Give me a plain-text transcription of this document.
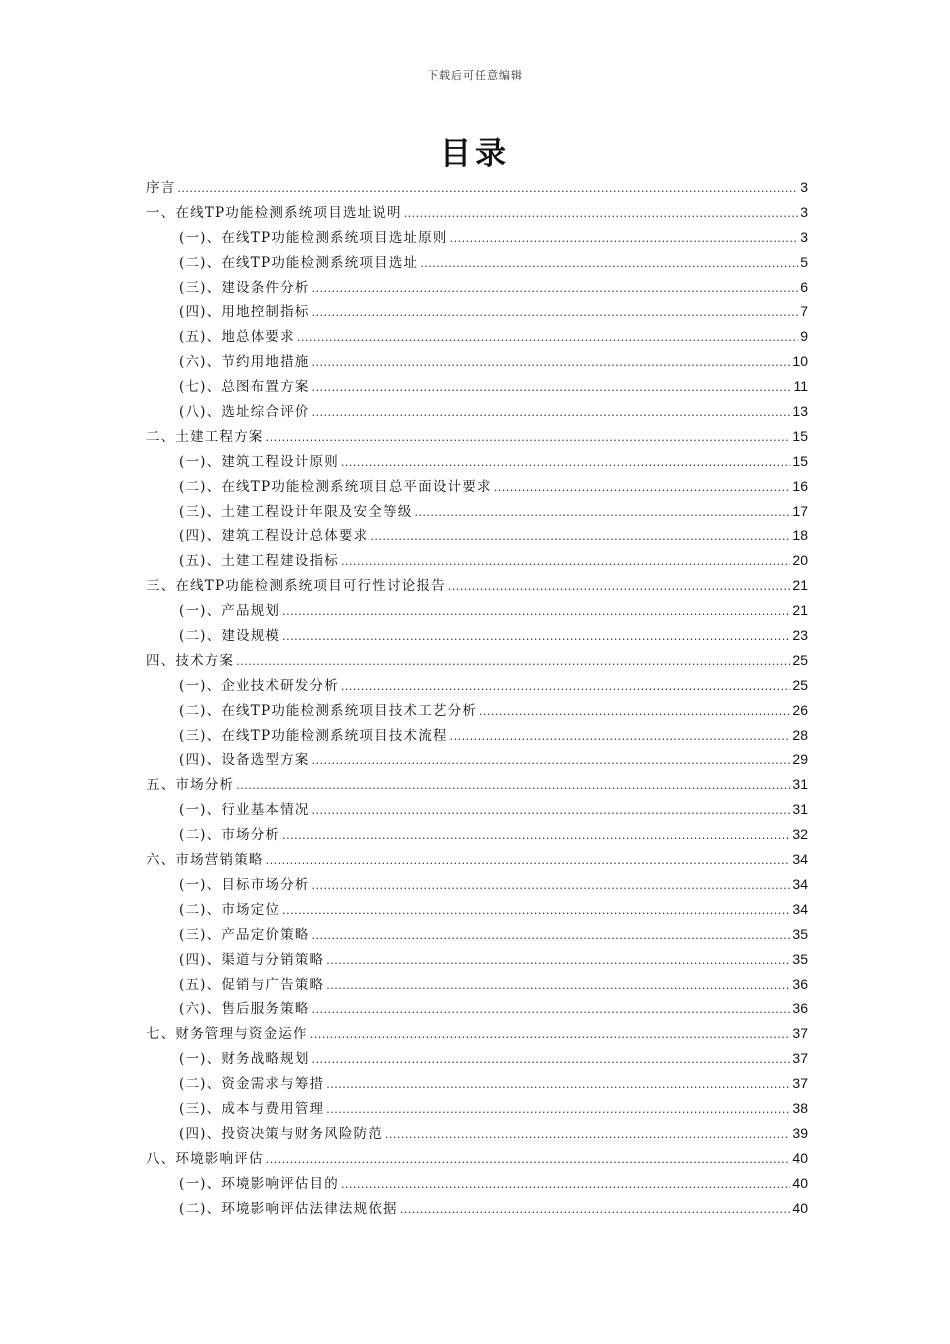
下载后可任意编辑
目录
序言 .....	3
一、在线TP功能检测系统项目选址说明 .....	3
(一)、在线TP功能检测系统项目选址原则 .....	3
(二)、在线TP功能检测系统项目选址 .....	5
(三)、建设条件分析 .....	6
(四)、用地控制指标 .....	7
(五)、地总体要求 .....	9
(六)、节约用地措施 .....	10
(七)、总图布置方案 .....	11
(八)、选址综合评价 .....	13
二、土建工程方案 .....	15
(一)、建筑工程设计原则 .....	15
(二)、在线TP功能检测系统项目总平面设计要求 .....	16
(三)、土建工程设计年限及安全等级 .....	17
(四)、建筑工程设计总体要求 .....	18
(五)、土建工程建设指标 .....	20
三、在线TP功能检测系统项目可行性讨论报告 .....	21
(一)、产品规划 .....	21
(二)、建设规模 .....	23
四、技术方案 .....	25
(一)、企业技术研发分析 .....	25
(二)、在线TP功能检测系统项目技术工艺分析 .....	26
(三)、在线TP功能检测系统项目技术流程 .....	28
(四)、设备选型方案 .....	29
五、市场分析 .....	31
(一)、行业基本情况 .....	31
(二)、市场分析 .....	32
六、市场营销策略 .....	34
(一)、目标市场分析 .....	34
(二)、市场定位 .....	34
(三)、产品定价策略 .....	35
(四)、渠道与分销策略 .....	35
(五)、促销与广告策略 .....	36
(六)、售后服务策略 .....	36
七、财务管理与资金运作 .....	37
(一)、财务战略规划 .....	37
(二)、资金需求与筹措 .....	37
(三)、成本与费用管理 .....	38
(四)、投资决策与财务风险防范 .....	39
八、环境影响评估 .....	40
(一)、环境影响评估目的 .....	40
(二)、环境影响评估法律法规依据 .....	40
